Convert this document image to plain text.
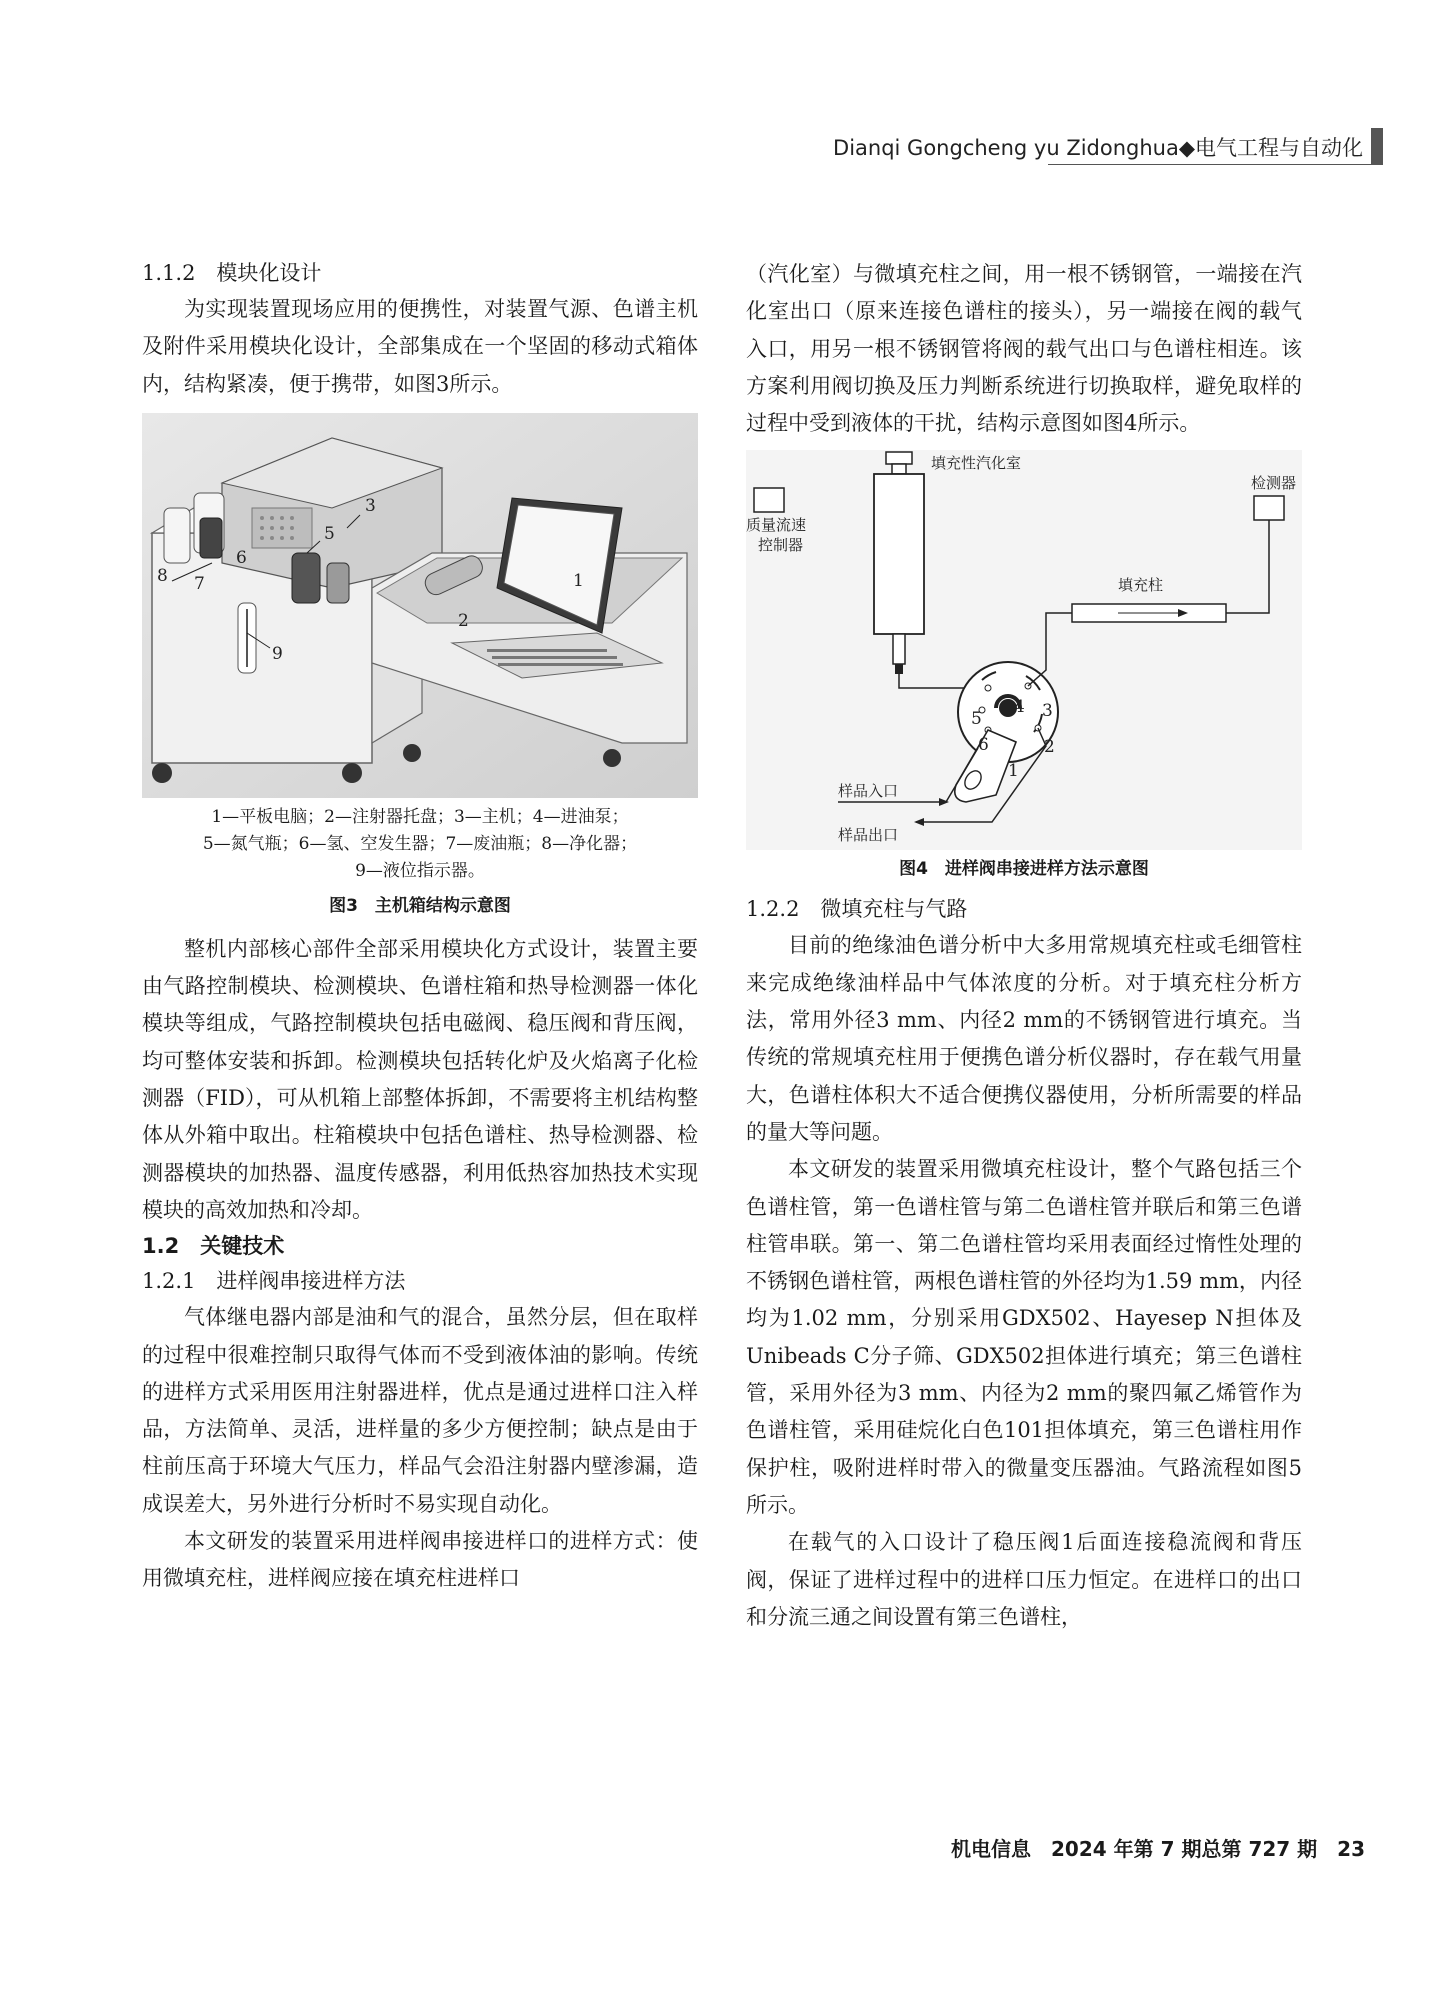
Dianqi Gongcheng yu Zidonghua◆电气工程与自动化

1.1.2　模块化设计

为实现装置现场应用的便携性，对装置气源、色谱主机及附件采用模块化设计，全部集成在一个坚固的移动式箱体内，结构紧凑，便于携带，如图3所示。

1
2
3
5
6
7
8
9
1—平板电脑；2—注射器托盘；3—主机；4—进油泵；
5—氮气瓶；6—氢、空发生器；7—废油瓶；8—净化器；
9—液位指示器。
图3　主机箱结构示意图

整机内部核心部件全部采用模块化方式设计，装置主要由气路控制模块、检测模块、色谱柱箱和热导检测器一体化模块等组成，气路控制模块包括电磁阀、稳压阀和背压阀，均可整体安装和拆卸。检测模块包括转化炉及火焰离子化检测器（FID），可从机箱上部整体拆卸，不需要将主机结构整体从外箱中取出。柱箱模块中包括色谱柱、热导检测器、检测器模块的加热器、温度传感器，利用低热容加热技术实现模块的高效加热和冷却。

1.2　关键技术

1.2.1　进样阀串接进样方法

气体继电器内部是油和气的混合，虽然分层，但在取样的过程中很难控制只取得气体而不受到液体油的影响。传统的进样方式采用医用注射器进样，优点是通过进样口注入样品，方法简单、灵活，进样量的多少方便控制；缺点是由于柱前压高于环境大气压力，样品气会沿注射器内壁渗漏，造成误差大，另外进行分析时不易实现自动化。

本文研发的装置采用进样阀串接进样口的进样方式：使用微填充柱，进样阀应接在填充柱进样口

（汽化室）与微填充柱之间，用一根不锈钢管，一端接在汽化室出口（原来连接色谱柱的接头），另一端接在阀的载气入口，用另一根不锈钢管将阀的载气出口与色谱柱相连。该方案利用阀切换及压力判断系统进行切换取样，避免取样的过程中受到液体的干扰，结构示意图如图4所示。

填充性汽化室
质量流速
控制器
检测器
填充柱
1
2
3
4
5
6
样品入口
样品出口
图4　进样阀串接进样方法示意图

1.2.2　微填充柱与气路

目前的绝缘油色谱分析中大多用常规填充柱或毛细管柱来完成绝缘油样品中气体浓度的分析。对于填充柱分析方法，常用外径3 mm、内径2 mm的不锈钢管进行填充。当传统的常规填充柱用于便携色谱分析仪器时，存在载气用量大，色谱柱体积大不适合便携仪器使用，分析所需要的样品的量大等问题。

本文研发的装置采用微填充柱设计，整个气路包括三个色谱柱管，第一色谱柱管与第二色谱柱管并联后和第三色谱柱管串联。第一、第二色谱柱管均采用表面经过惰性处理的不锈钢色谱柱管，两根色谱柱管的外径均为1.59 mm，内径均为1.02 mm，分别采用GDX502、Hayesep N担体及Unibeads C分子筛、GDX502担体进行填充；第三色谱柱管，采用外径为3 mm、内径为2 mm的聚四氟乙烯管作为色谱柱管，采用硅烷化白色101担体填充，第三色谱柱用作保护柱，吸附进样时带入的微量变压器油。气路流程如图5所示。

在载气的入口设计了稳压阀1后面连接稳流阀和背压阀，保证了进样过程中的进样口压力恒定。在进样口的出口和分流三通之间设置有第三色谱柱，

机电信息　2024 年第 7 期总第 727 期　23
